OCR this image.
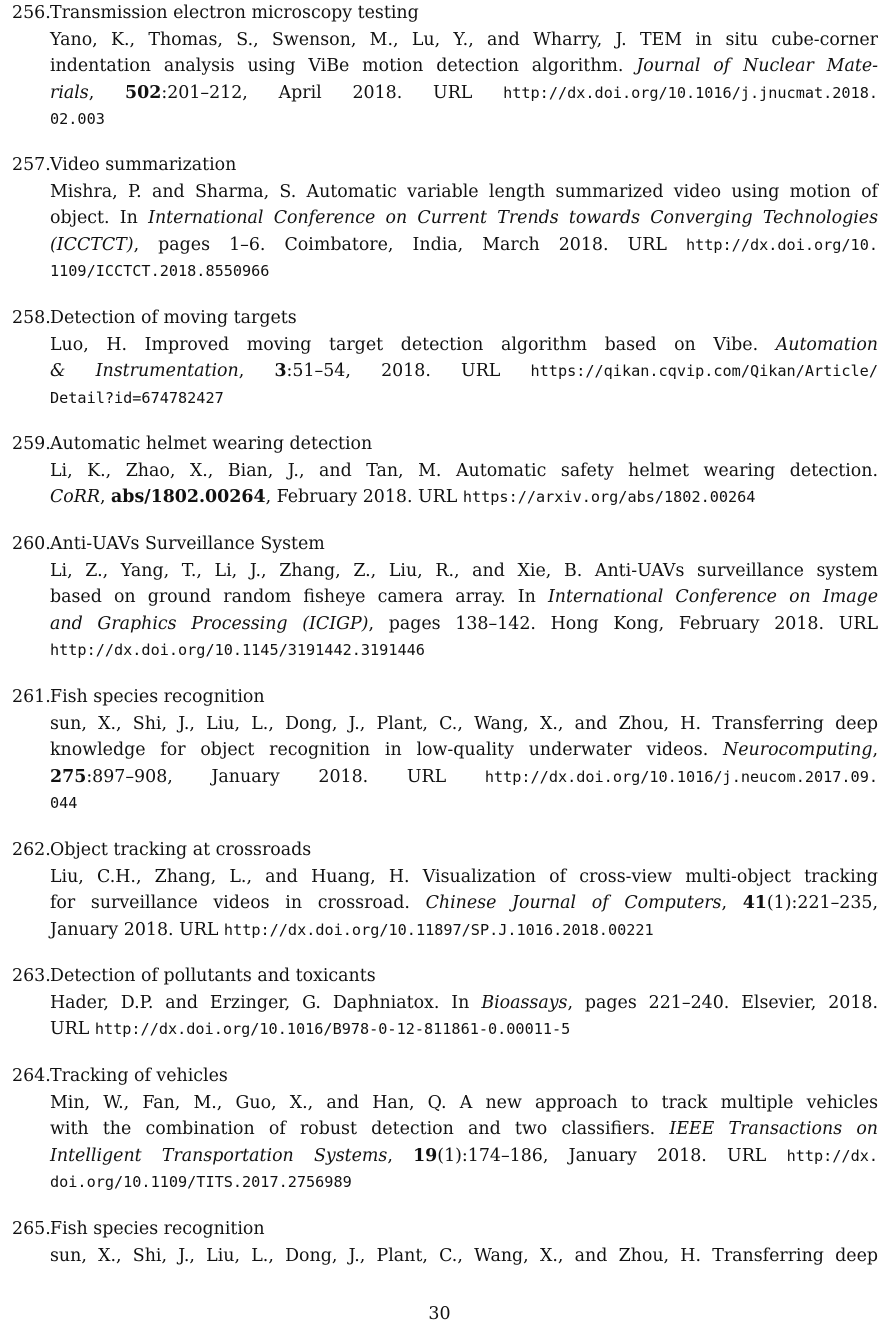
256. Transmission electron microscopy testing
Yano, K., Thomas, S., Swenson, M., Lu, Y., and Wharry, J. TEM in situ cube-corner
indentation analysis using ViBe motion detection algorithm. Journal of Nuclear Mate-
rials, 502:201–212, April 2018. URL http://dx.doi.org/10.1016/j.jnucmat.2018.
02.003
257. Video summarization
Mishra, P. and Sharma, S. Automatic variable length summarized video using motion of
object. In International Conference on Current Trends towards Converging Technologies
(ICCTCT), pages 1–6. Coimbatore, India, March 2018. URL http://dx.doi.org/10.
1109/ICCTCT.2018.8550966
258. Detection of moving targets
Luo, H. Improved moving target detection algorithm based on Vibe. Automation
& Instrumentation, 3:51–54, 2018. URL https://qikan.cqvip.com/Qikan/Article/
Detail?id=674782427
259. Automatic helmet wearing detection
Li, K., Zhao, X., Bian, J., and Tan, M. Automatic safety helmet wearing detection.
CoRR, abs/1802.00264, February 2018. URL https://arxiv.org/abs/1802.00264
260. Anti-UAVs Surveillance System
Li, Z., Yang, T., Li, J., Zhang, Z., Liu, R., and Xie, B. Anti-UAVs surveillance system
based on ground random fisheye camera array. In International Conference on Image
and Graphics Processing (ICIGP), pages 138–142. Hong Kong, February 2018. URL
http://dx.doi.org/10.1145/3191442.3191446
261. Fish species recognition
sun, X., Shi, J., Liu, L., Dong, J., Plant, C., Wang, X., and Zhou, H. Transferring deep
knowledge for object recognition in low-quality underwater videos. Neurocomputing,
275:897–908, January 2018. URL http://dx.doi.org/10.1016/j.neucom.2017.09.
044
262. Object tracking at crossroads
Liu, C.H., Zhang, L., and Huang, H. Visualization of cross-view multi-object tracking
for surveillance videos in crossroad. Chinese Journal of Computers, 41(1):221–235,
January 2018. URL http://dx.doi.org/10.11897/SP.J.1016.2018.00221
263. Detection of pollutants and toxicants
Hader, D.P. and Erzinger, G. Daphniatox. In Bioassays, pages 221–240. Elsevier, 2018.
URL http://dx.doi.org/10.1016/B978-0-12-811861-0.00011-5
264. Tracking of vehicles
Min, W., Fan, M., Guo, X., and Han, Q. A new approach to track multiple vehicles
with the combination of robust detection and two classifiers. IEEE Transactions on
Intelligent Transportation Systems, 19(1):174–186, January 2018. URL http://dx.
doi.org/10.1109/TITS.2017.2756989
265. Fish species recognition
sun, X., Shi, J., Liu, L., Dong, J., Plant, C., Wang, X., and Zhou, H. Transferring deep
30
